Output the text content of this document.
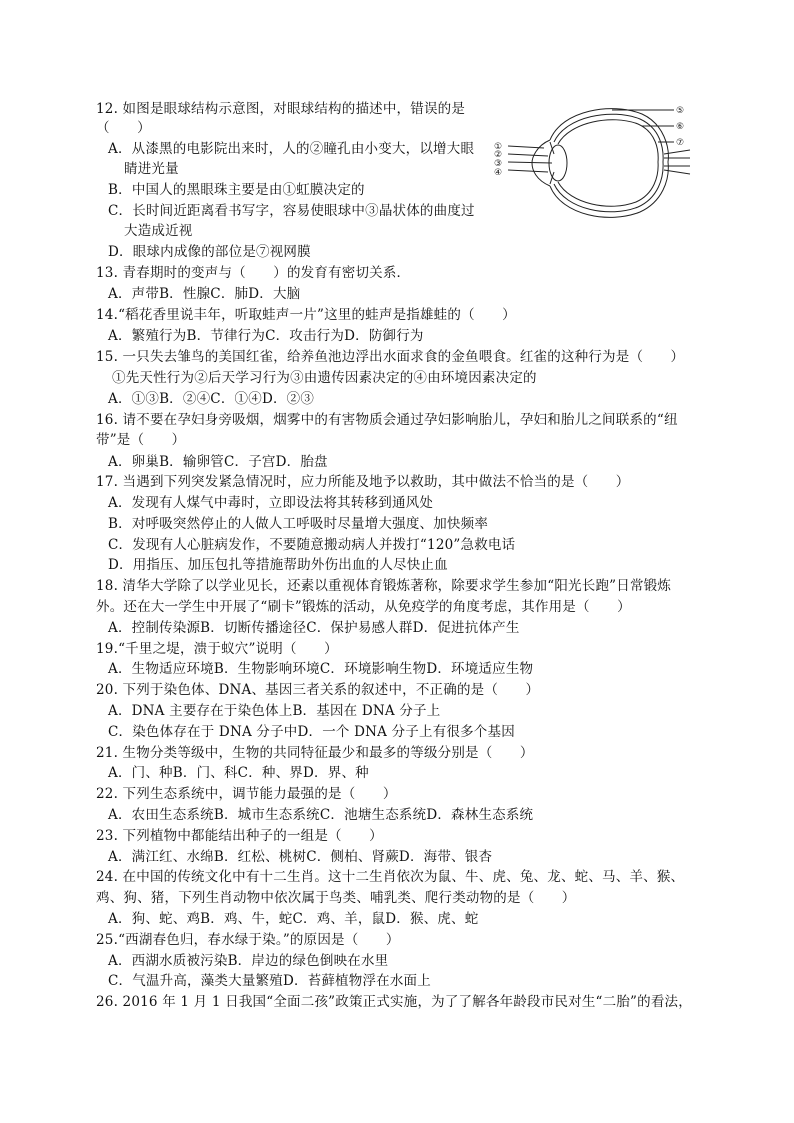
12. 如图是眼球结构示意图，对眼球结构的描述中，错误的是
（　　）
A．从漆黑的电影院出来时，人的②瞳孔由小变大，以增大眼
睛进光量
B．中国人的黑眼珠主要是由①虹膜决定的
C．长时间近距离看书写字，容易使眼球中③晶状体的曲度过
大造成近视
D．眼球内成像的部位是⑦视网膜
①
②
③
④
⑤
⑥
⑦
13. 青春期时的变声与（　　）的发育有密切关系．
A．声带B．性腺C．肺D．大脑
14.“稻花香里说丰年，听取蛙声一片”这里的蛙声是指雄蛙的（　　）
A．繁殖行为B．节律行为C．攻击行为D．防御行为
15. 一只失去雏鸟的美国红雀，给养鱼池边浮出水面求食的金鱼喂食。红雀的这种行为是（　　）
①先天性行为②后天学习行为③由遗传因素决定的④由环境因素决定的
A．①③B．②④C．①④D．②③
16. 请不要在孕妇身旁吸烟，烟雾中的有害物质会通过孕妇影响胎儿，孕妇和胎儿之间联系的“纽
带”是（　　）
A．卵巢B．输卵管C．子宫D．胎盘
17. 当遇到下列突发紧急情况时，应力所能及地予以救助，其中做法不恰当的是（　　）
A．发现有人煤气中毒时，立即设法将其转移到通风处
B．对呼吸突然停止的人做人工呼吸时尽量增大强度、加快频率
C．发现有人心脏病发作，不要随意搬动病人并拨打“120”急救电话
D．用指压、加压包扎等措施帮助外伤出血的人尽快止血
18. 清华大学除了以学业见长，还素以重视体育锻炼著称，除要求学生参加“阳光长跑”日常锻炼
外。还在大一学生中开展了“刷卡”锻炼的活动，从免疫学的角度考虑，其作用是（　　）
A．控制传染源B．切断传播途径C．保护易感人群D．促进抗体产生
19.“千里之堤，溃于蚁穴”说明（　　）
A．生物适应环境B．生物影响环境C．环境影响生物D．环境适应生物
20. 下列于染色体、DNA、基因三者关系的叙述中，不正确的是（　　）
A．DNA 主要存在于染色体上B．基因在 DNA 分子上
C．染色体存在于 DNA 分子中D．一个 DNA 分子上有很多个基因
21. 生物分类等级中，生物的共同特征最少和最多的等级分别是（　　）
A．门、种B．门、科C．种、界D．界、种
22. 下列生态系统中，调节能力最强的是（　　）
A．农田生态系统B．城市生态系统C．池塘生态系统D．森林生态系统
23. 下列植物中都能结出种子的一组是（　　）
A．满江红、水绵B．红松、桃树C．侧柏、肾蕨D．海带、银杏
24. 在中国的传统文化中有十二生肖。这十二生肖依次为鼠、牛、虎、兔、龙、蛇、马、羊、猴、
鸡、狗、猪，下列生肖动物中依次属于鸟类、哺乳类、爬行类动物的是（　　）
A．狗、蛇、鸡B．鸡、牛，蛇C．鸡、羊，鼠D．猴、虎、蛇
25.“西湖春色归，春水绿于染。”的原因是（　　）
A．西湖水质被污染B．岸边的绿色倒映在水里
C．气温升高，藻类大量繁殖D．苔藓植物浮在水面上
26. 2016 年 1 月 1 日我国“全面二孩”政策正式实施，为了了解各年龄段市民对生“二胎”的看法，
